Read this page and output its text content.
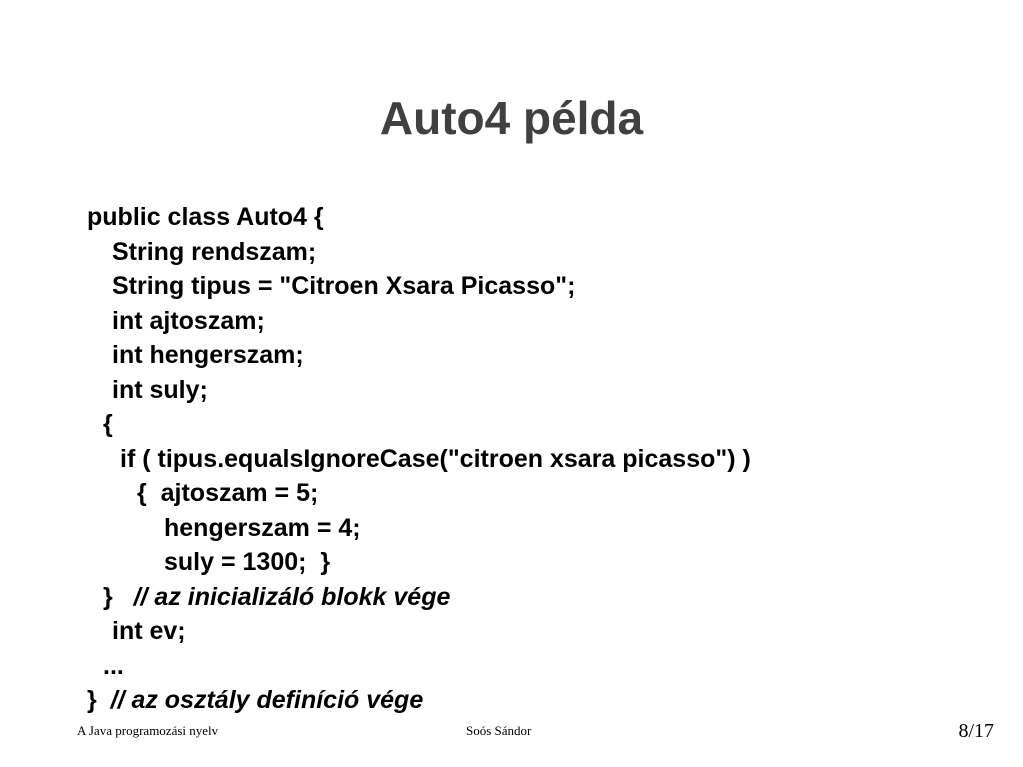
Auto4 példa
public class Auto4 {
String rendszam;
String tipus = "Citroen Xsara Picasso";
int ajtoszam;
int hengerszam;
int suly;
{
if ( tipus.equalsIgnoreCase("citroen xsara picasso") )
{  ajtoszam = 5;
hengerszam = 4;
suly = 1300;  }
}   // az inicializáló blokk vége
int ev;
...
}  // az osztály definíció vége
A Java programozási nyelv	Soós Sándor	8/17
